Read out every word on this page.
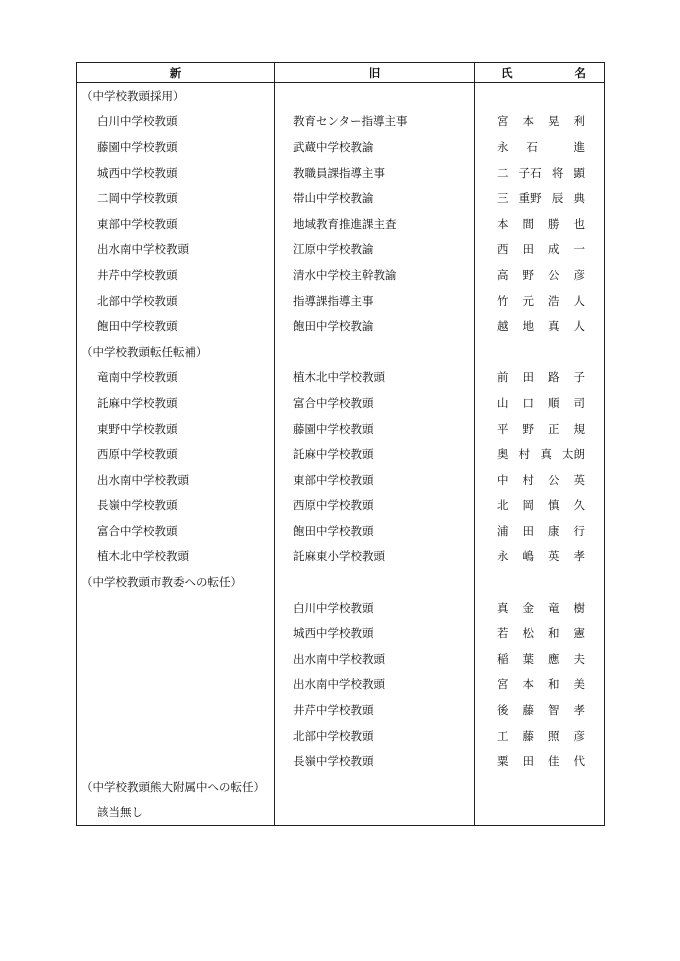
新	旧	氏 名
（中学校教頭採用）		
白川中学校教頭	教育センター指導主事	宮 本 晃 利

藤園中学校教頭	武蔵中学校教諭	永 石 進

城西中学校教頭	教職員課指導主事	二 子石 将 顕

二岡中学校教頭	帯山中学校教諭	三 重野 辰 典

東部中学校教頭	地域教育推進課主査	本 間 勝 也

出水南中学校教頭	江原中学校教諭	西 田 成 一

井芹中学校教頭	清水中学校主幹教諭	高 野 公 彦

北部中学校教頭	指導課指導主事	竹 元 浩 人

飽田中学校教頭	飽田中学校教諭	越 地 真 人

（中学校教頭転任転補）		
竜南中学校教頭	植木北中学校教頭	前 田 路 子

託麻中学校教頭	富合中学校教頭	山 口 順 司

東野中学校教頭	藤園中学校教頭	平 野 正 規

西原中学校教頭	託麻中学校教頭	奥 村 真 太朗

出水南中学校教頭	東部中学校教頭	中 村 公 英

長嶺中学校教頭	西原中学校教頭	北 岡 慎 久

富合中学校教頭	飽田中学校教頭	浦 田 康 行

植木北中学校教頭	託麻東小学校教頭	永 嶋 英 孝

（中学校教頭市教委への転任）		
	白川中学校教頭	真 金 竜 樹

	城西中学校教頭	若 松 和 憲

	出水南中学校教頭	稲 葉 應 夫

	出水南中学校教頭	宮 本 和 美

	井芹中学校教頭	後 藤 智 孝

	北部中学校教頭	工 藤 照 彦

	長嶺中学校教頭	粟 田 佳 代

（中学校教頭熊大附属中への転任）		
該当無し		
